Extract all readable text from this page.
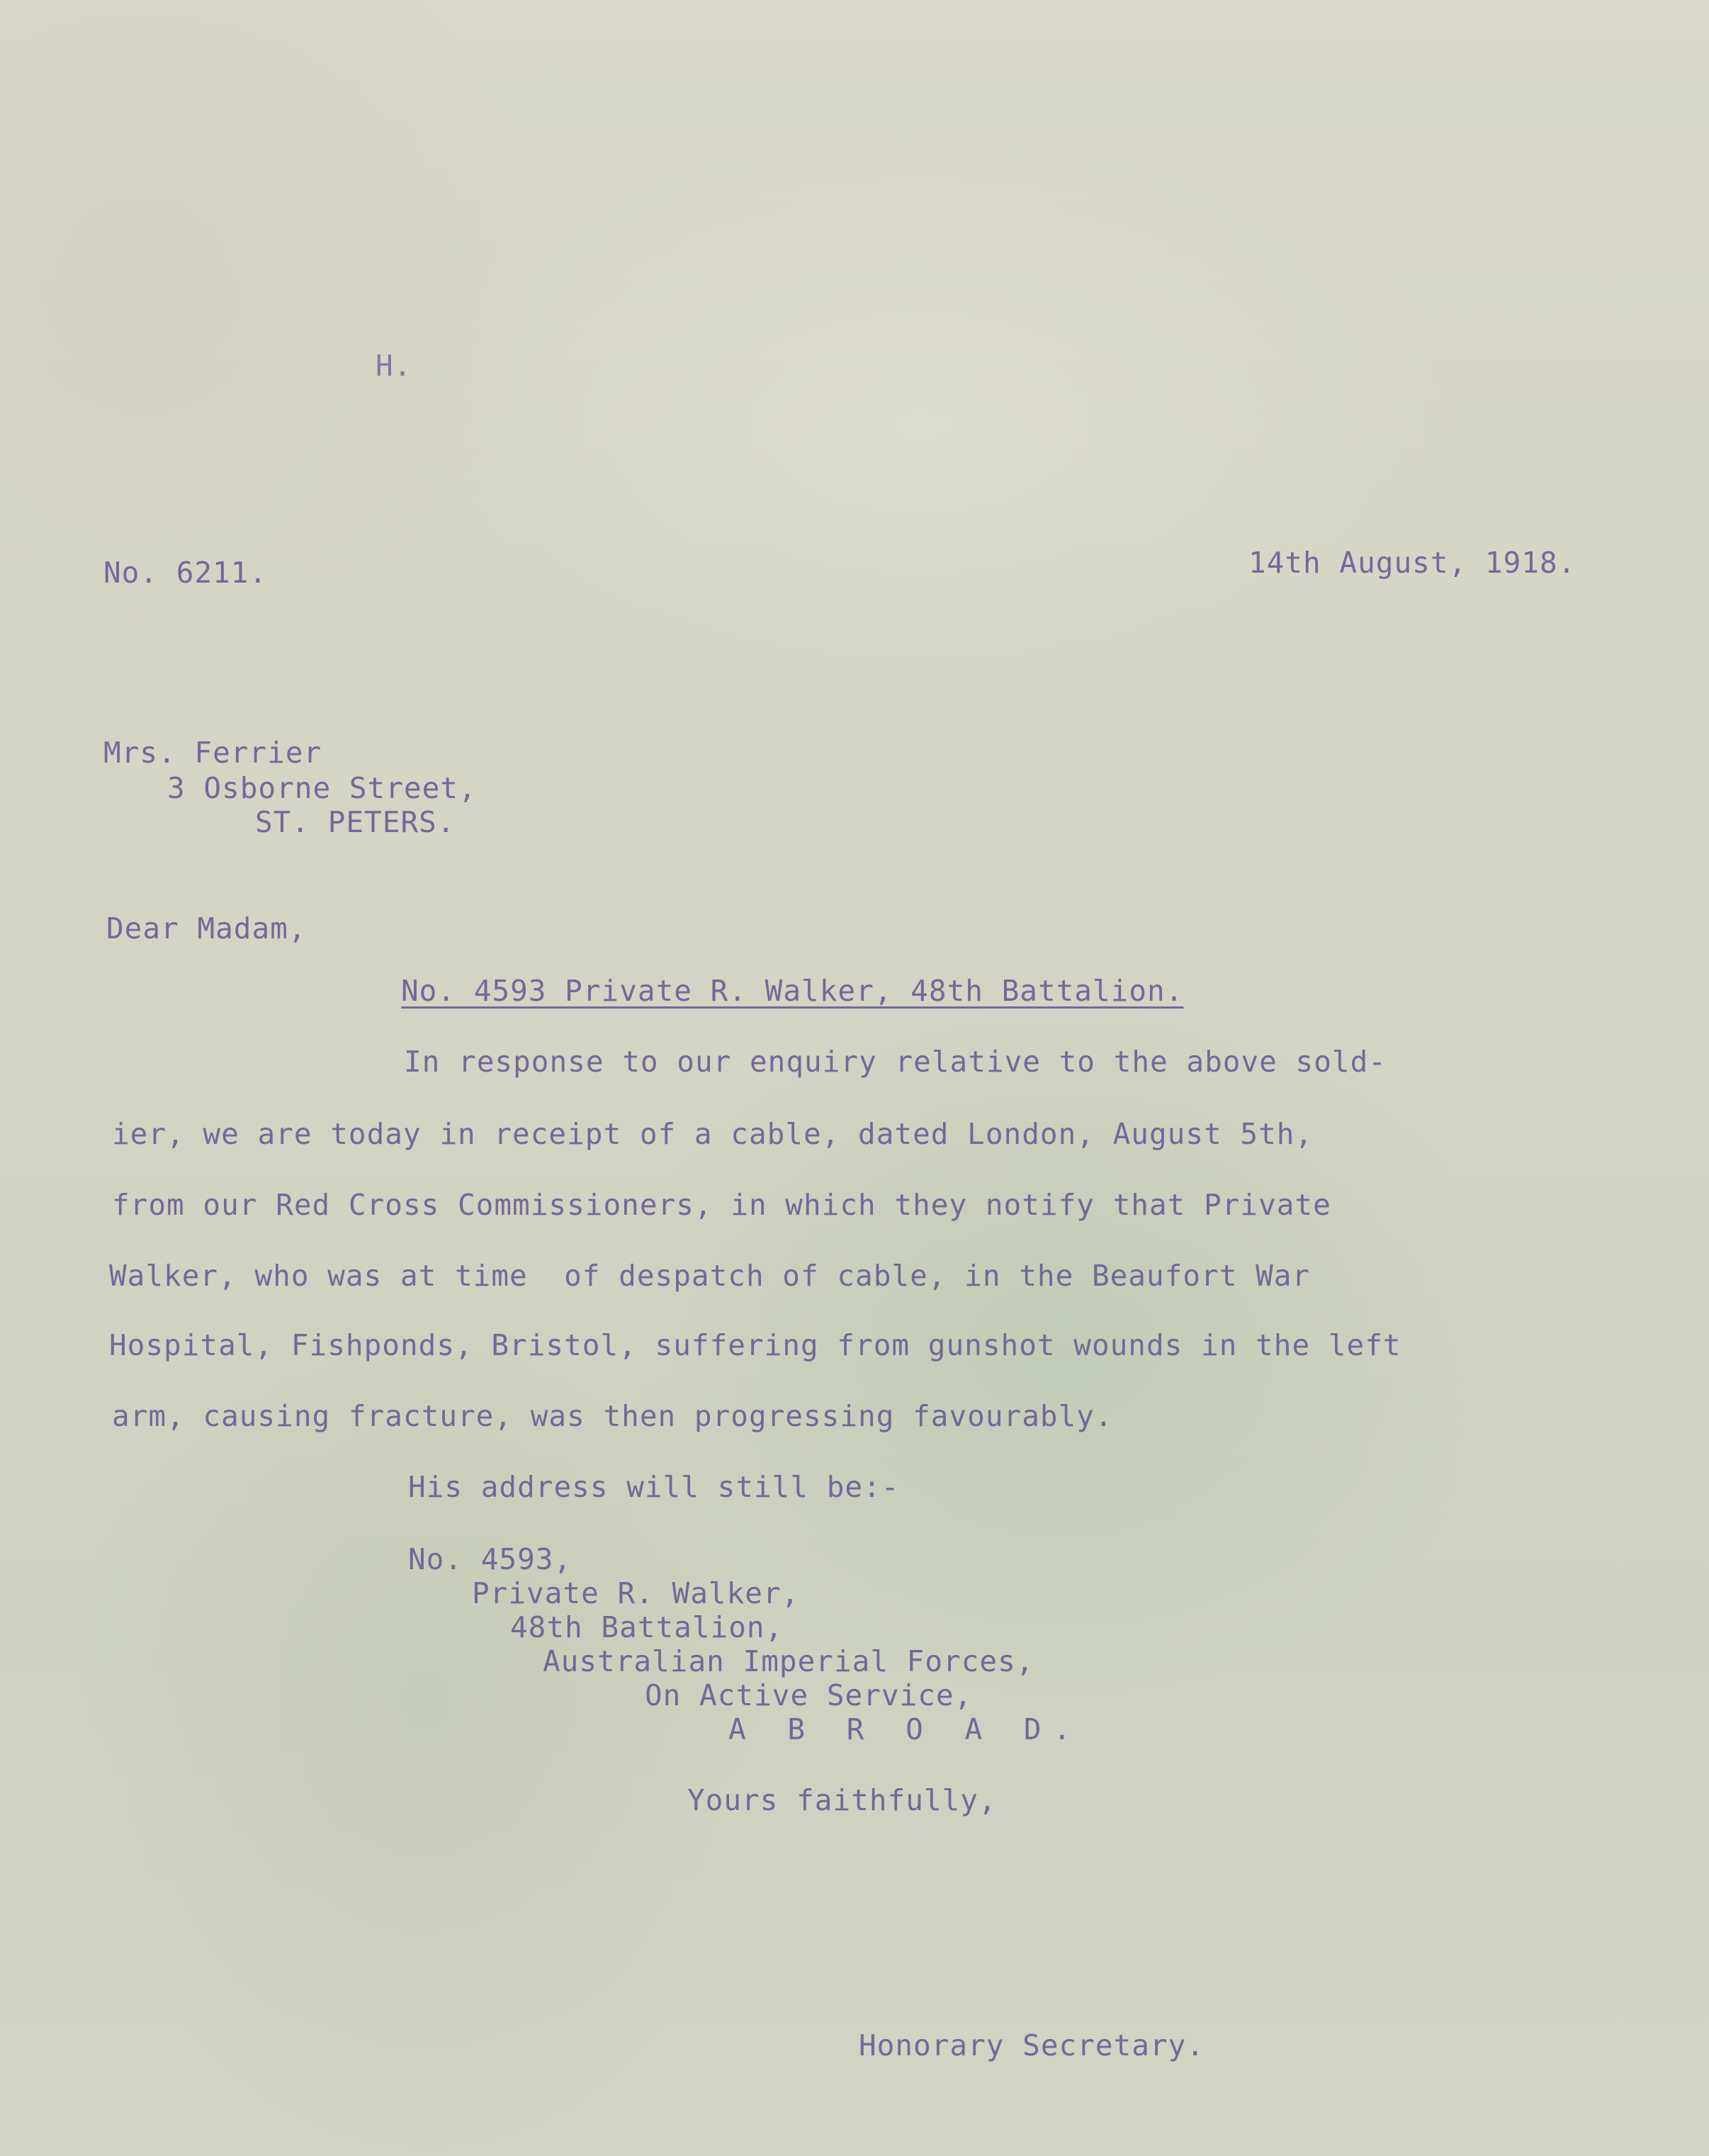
H.
No. 6211.	14th August, 1918.
Mrs. Ferrier
3 Osborne Street,
ST. PETERS.
Dear Madam,
No. 4593 Private R. Walker, 48th Battalion.
In response to our enquiry relative to the above sold-
ier, we are today in receipt of a cable, dated London, August 5th,
from our Red Cross Commissioners, in which they notify that Private
Walker, who was at time  of despatch of cable, in the Beaufort War
Hospital, Fishponds, Bristol, suffering from gunshot wounds in the left
arm, causing fracture, was then progressing favourably.
His address will still be:-
No. 4593,
Private R. Walker,
48th Battalion,
Australian Imperial Forces,
On Active Service,
A B R O A D.
Yours faithfully,
Honorary Secretary.
